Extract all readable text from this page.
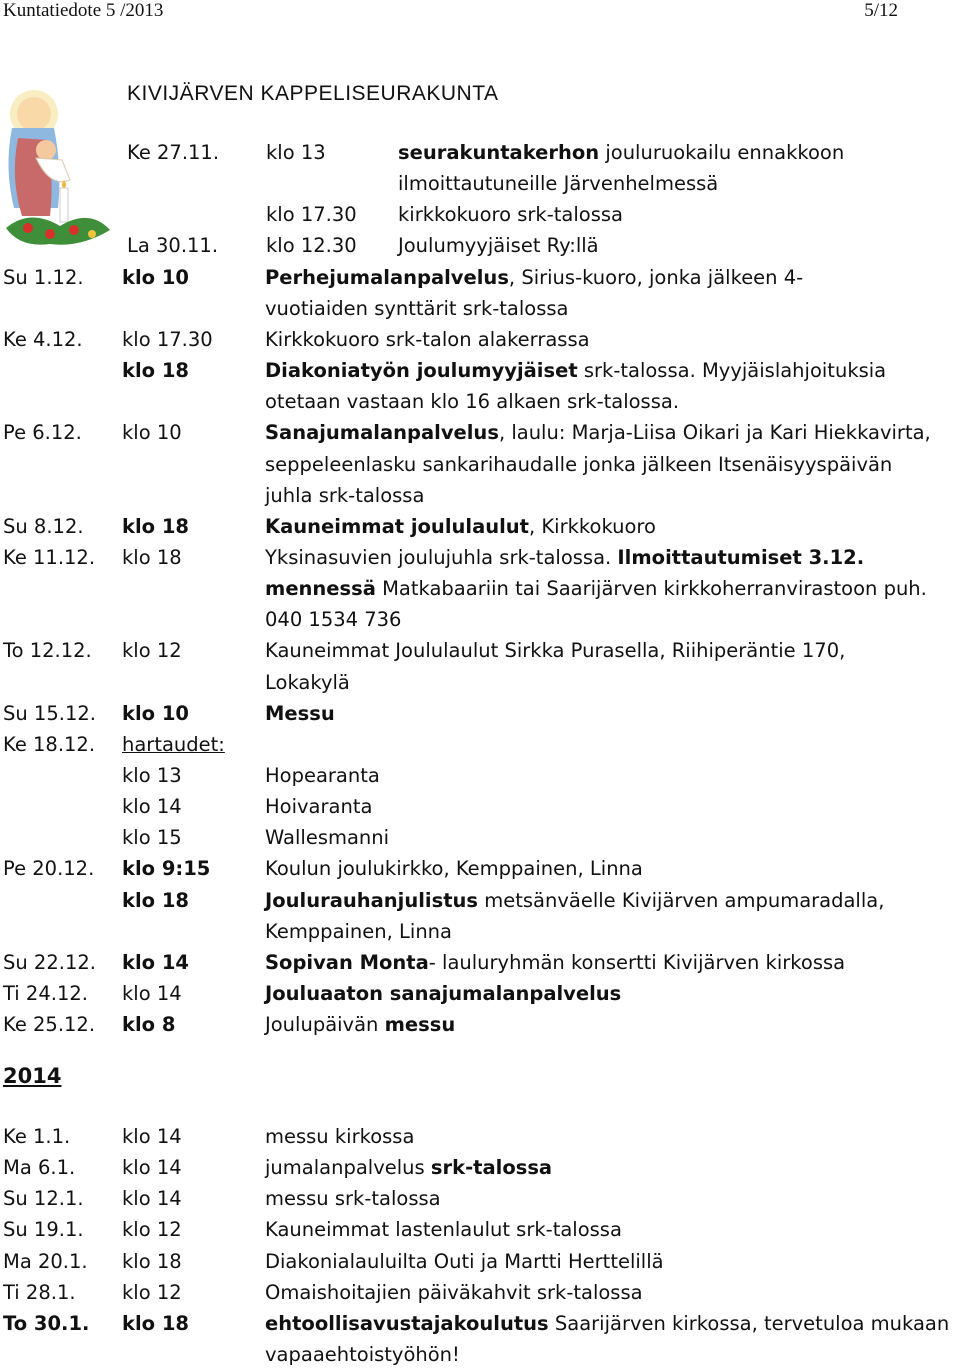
Kuntatiedote 5 /2013	5/12
KIVIJÄRVEN KAPPELISEURAKUNTA
Ke 27.11. klo 13	seurakuntakerhon jouluruokailu ennakkoon
ilmoittautuneille Järvenhelmessä
klo 17.30 kirkkokuoro srk-talossa
La 30.11. klo 12.30 Joulumyyjäiset Ry:llä
Su 1.12. klo 10	Perhejumalanpalvelus, Sirius-kuoro, jonka jälkeen 4-
vuotiaiden synttärit srk-talossa
Ke 4.12. klo 17.30	Kirkkokuoro srk-talon alakerrassa
klo 18	Diakoniatyön joulumyyjäiset srk-talossa. Myyjäislahjoituksia
otetaan vastaan klo 16 alkaen srk-talossa.
Pe 6.12. klo 10	Sanajumalanpalvelus, laulu: Marja-Liisa Oikari ja Kari Hiekkavirta,
seppeleenlasku sankarihaudalle jonka jälkeen Itsenäisyyspäivän
juhla srk-talossa
Su 8.12. klo 18	Kauneimmat joululaulut, Kirkkokuoro
Ke 11.12. klo 18	Yksinasuvien joulujuhla srk-talossa. Ilmoittautumiset 3.12.
mennessä Matkabaariin tai Saarijärven kirkkoherranvirastoon puh.
040 1534 736
To 12.12. klo 12	Kauneimmat Joululaulut Sirkka Purasella, Riihiperäntie 170,
Lokakylä
Su 15.12. klo 10	Messu
Ke 18.12. hartaudet:
klo 13	Hopearanta
klo 14	Hoivaranta
klo 15	Wallesmanni
Pe 20.12. klo 9:15	Koulun joulukirkko, Kemppainen, Linna
klo 18	Joulurauhanjulistus metsänväelle Kivijärven ampumaradalla,
Kemppainen, Linna
Su 22.12. klo 14	Sopivan Monta- lauluryhmän konsertti Kivijärven kirkossa
Ti 24.12. klo 14	Jouluaaton sanajumalanpalvelus
Ke 25.12. klo 8	Joulupäivän messu
2014
Ke 1.1.	klo 14	messu kirkossa
Ma 6.1. klo 14	jumalanpalvelus srk-talossa
Su 12.1. klo 14	messu srk-talossa
Su 19.1. klo 12	Kauneimmat lastenlaulut srk-talossa
Ma 20.1. klo 18	Diakonialauluilta Outi ja Martti Herttelillä
Ti 28.1. klo 12	Omaishoitajien päiväkahvit srk-talossa
To 30.1. klo 18	ehtoollisavustajakoulutus Saarijärven kirkossa, tervetuloa mukaan
vapaaehtoistyöhön!
